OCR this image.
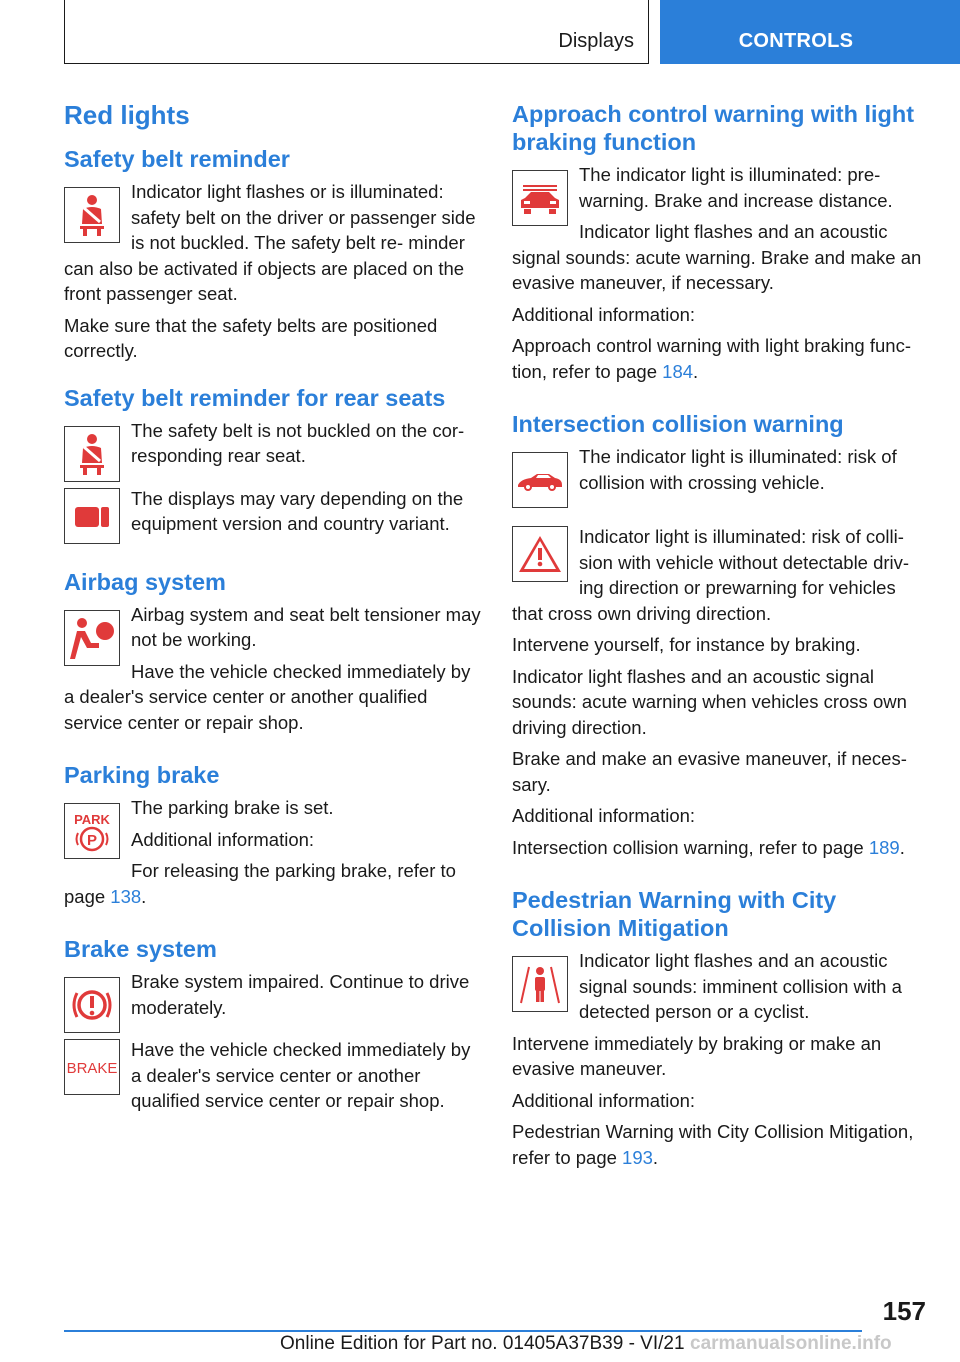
Displays	CONTROLS
Red lights
Safety belt reminder

Indicator light flashes or is illuminated: safety belt on the driver or passenger side is not buckled. The safety belt re- minder can also be activated if objects are placed on the front passenger seat.

Make sure that the safety belts are positioned correctly.

Safety belt reminder for rear seats

The safety belt is not buckled on the cor- responding rear seat.

The displays may vary depending on the equipment version and country variant.

Airbag system

Airbag system and seat belt tensioner may not be working.

Have the vehicle checked immediately by a dealer's service center or another qualified service center or repair shop.

Parking brake
PARK
P

The parking brake is set.

Additional information:

For releasing the parking brake, refer to page 138.

Brake system

Brake system impaired. Continue to drive moderately.

BRAKE

Have the vehicle checked immediately by a dealer's service center or another qualified service center or repair shop.

Approach control warning with light braking function

The indicator light is illuminated: pre- warning. Brake and increase distance.

Indicator light flashes and an acoustic signal sounds: acute warning. Brake and make an evasive maneuver, if necessary.

Additional information:

Approach control warning with light braking func- tion, refer to page 184.

Intersection collision warning

The indicator light is illuminated: risk of collision with crossing vehicle.

Indicator light is illuminated: risk of colli- sion with vehicle without detectable driv- ing direction or prewarning for vehicles that cross own driving direction.

Intervene yourself, for instance by braking.

Indicator light flashes and an acoustic signal sounds: acute warning when vehicles cross own driving direction.

Brake and make an evasive maneuver, if neces- sary.

Additional information:

Intersection collision warning, refer to page 189.

Pedestrian Warning with City Collision Mitigation

Indicator light flashes and an acoustic signal sounds: imminent collision with a detected person or a cyclist.

Intervene immediately by braking or make an evasive maneuver.

Additional information:

Pedestrian Warning with City Collision Mitigation, refer to page 193.

157
Online Edition for Part no. 01405A37B39 - VI/21 carmanualsonline.info
